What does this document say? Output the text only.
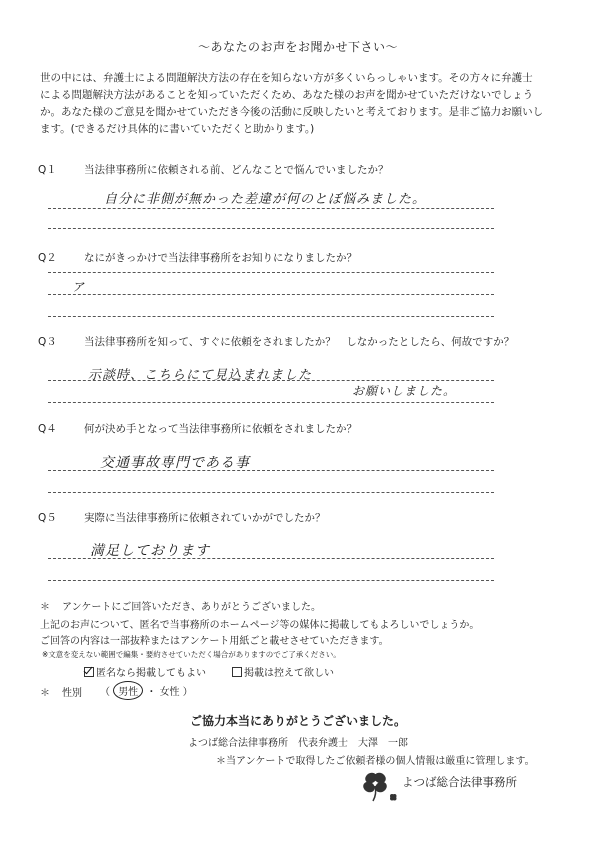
～あなたのお声をお聞かせ下さい～
世の中には、弁護士による問題解決方法の存在を知らない方が多くいらっしゃいます。その方々に弁護士
による問題解決方法があることを知っていただくため、あなた様のお声を聞かせていただけないでしょう
か。あなた様のご意見を聞かせていただき今後の活動に反映したいと考えております。是非ご協力お願いし
ます。(できるだけ具体的に書いていただくと助かります。)
Q１	当法律事務所に依頼される前、どんなことで悩んでいましたか？
自分に非側が無かった差違が何のとぼ悩みました。
Q２	なにがきっかけで当法律事務所をお知りになりましたか？
ア
Q３	当法律事務所を知って、すぐに依頼をされましたか？　しなかったとしたら、何故ですか？
示談時、こちらにて見込まれました
お願いしました。
Q４	何が決め手となって当法律事務所に依頼をされましたか？
交通事故専門である事
Q５	実際に当法律事務所に依頼されていかがでしたか？
満足しております
＊ アンケートにご回答いただき、ありがとうございました。
上記のお声について、匿名で当事務所のホームページ等の媒体に掲載してもよろしいでしょうか。
ご回答の内容は一部抜粋またはアンケート用紙ごと載せさせていただきます。
※文意を変えない範囲で編集・要約させていただく場合がありますのでご了承ください。
匿名なら掲載してもよい	掲載は控えて欲しい
＊ 性別 （ 男性 ・ 女性 ）
ご協力本当にありがとうございました。
よつば総合法律事務所　代表弁護士　大澤　一郎
＊当アンケートで取得したご依頼者様の個人情報は厳重に管理します。
よつば総合法律事務所
